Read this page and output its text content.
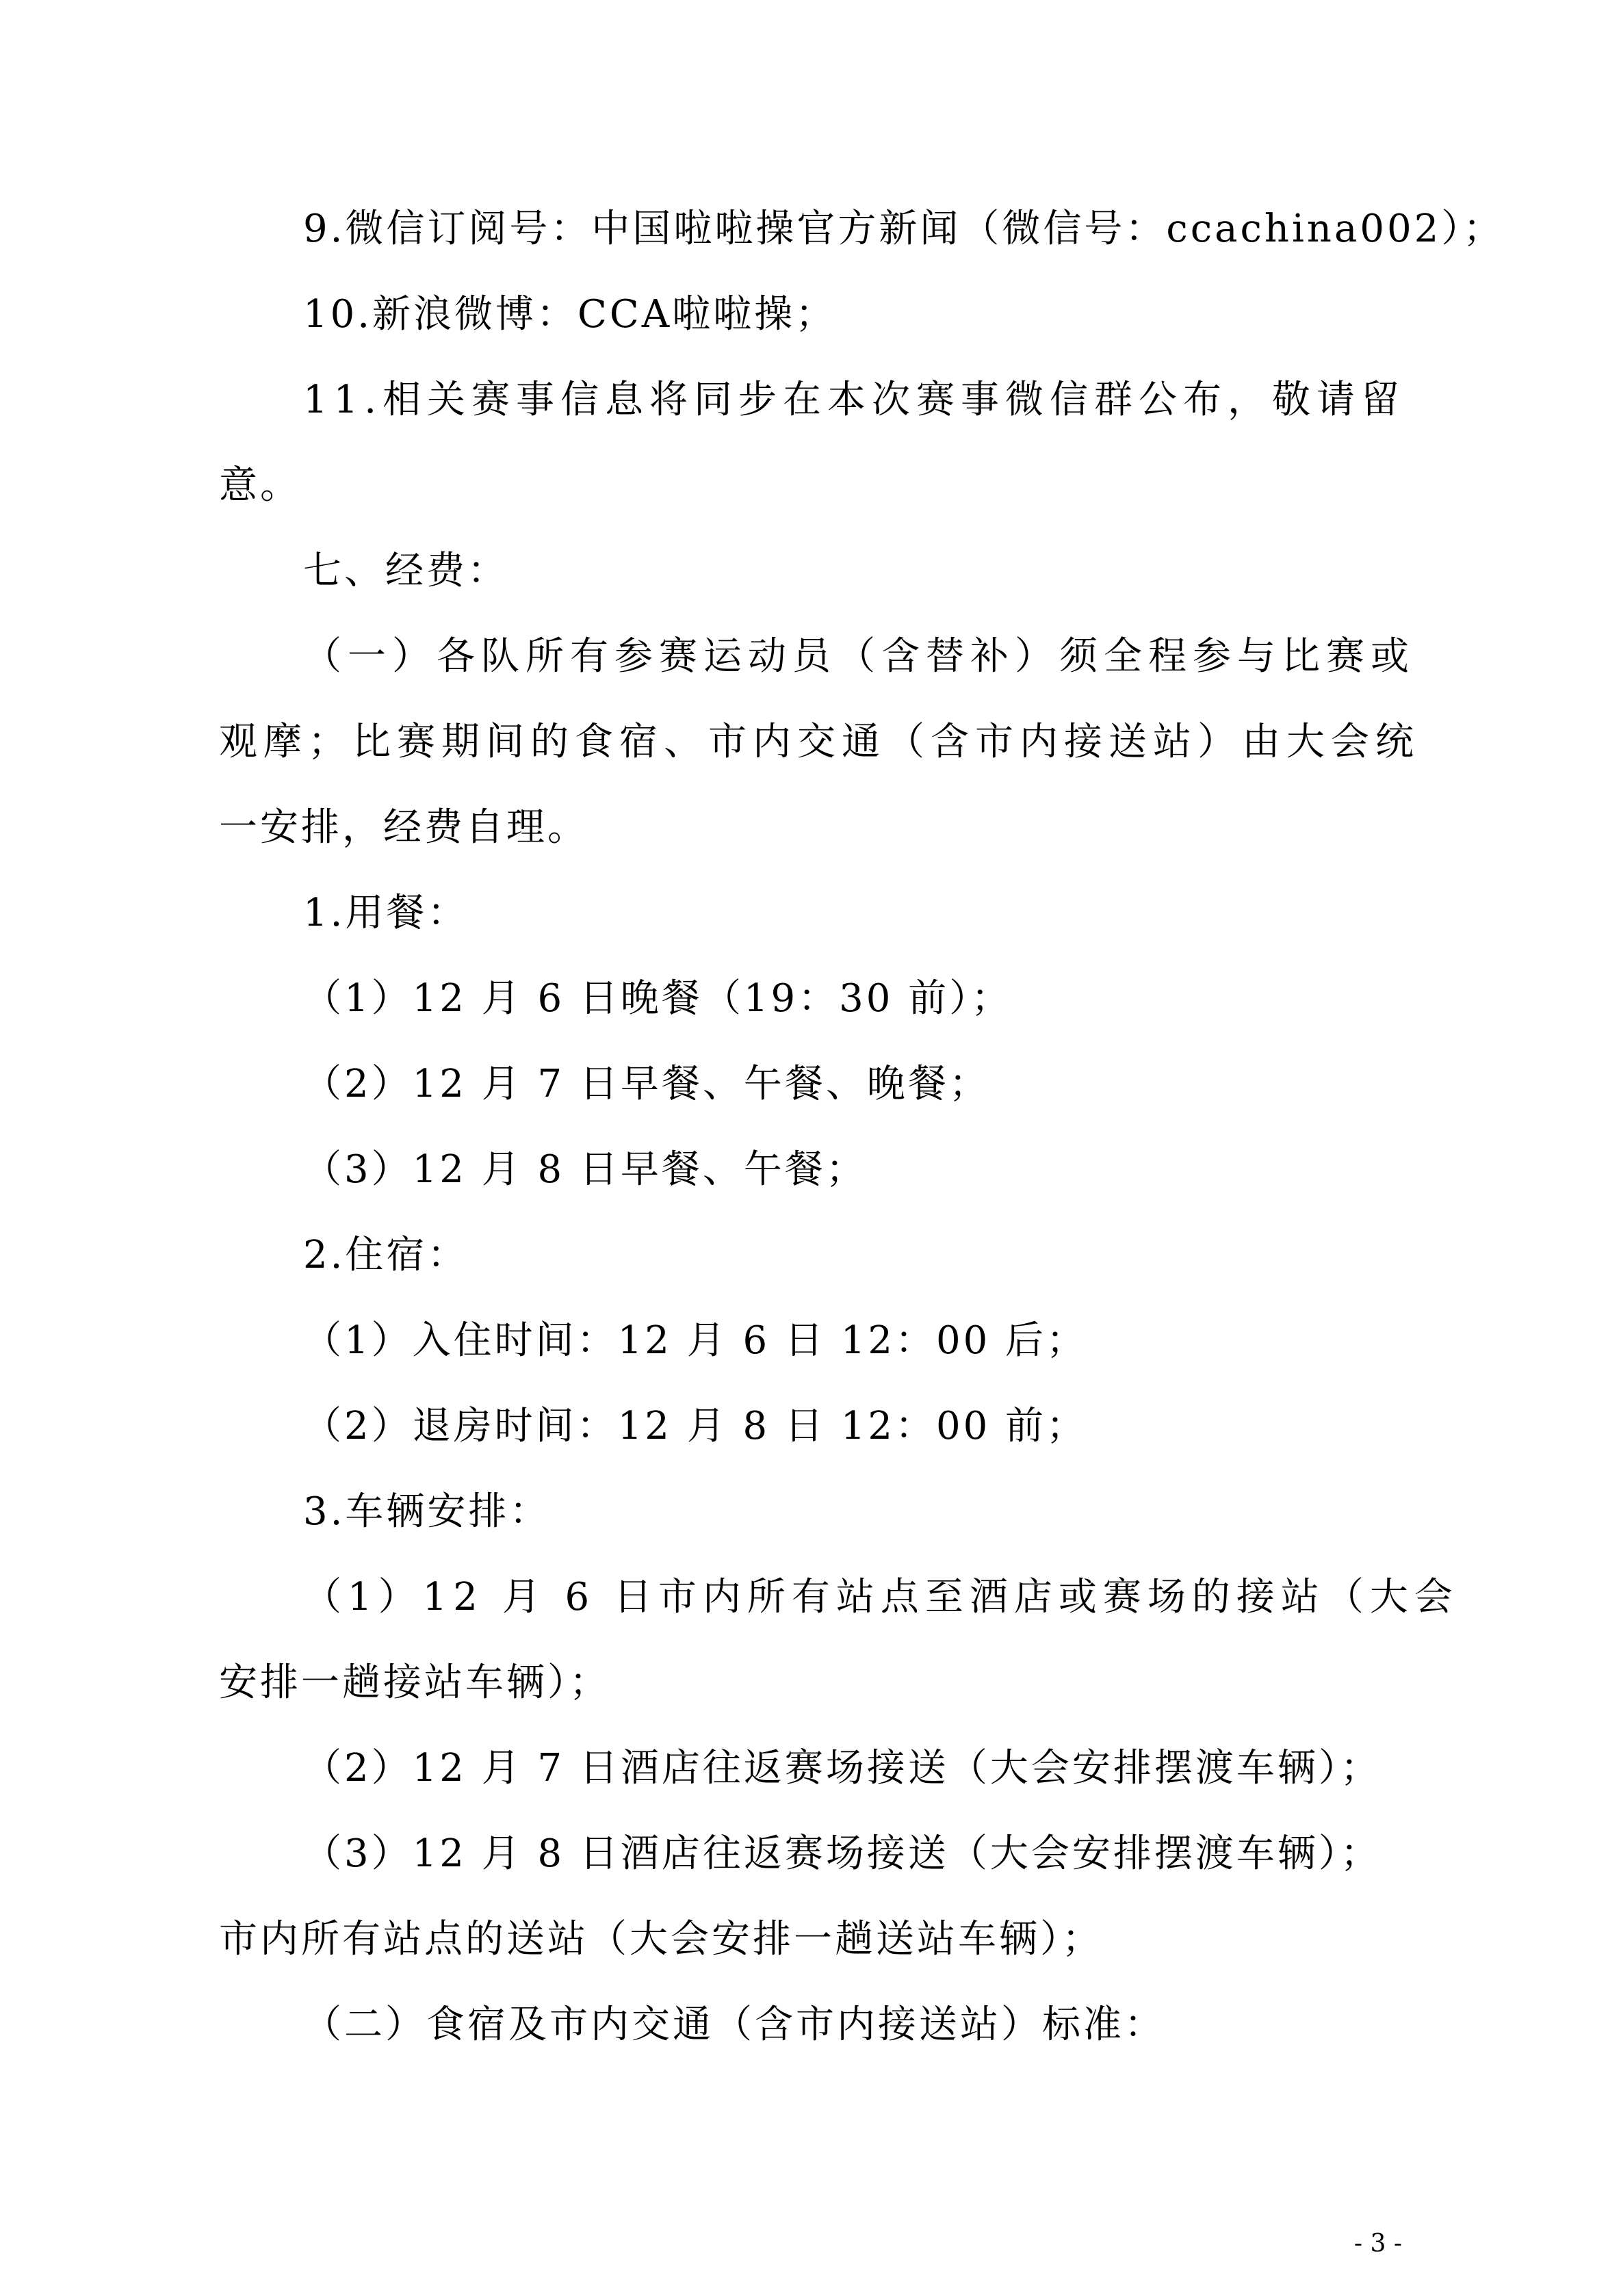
9.微信订阅号：中国啦啦操官方新闻（微信号：ccachina002）；
10.新浪微博：CCA啦啦操；
11.相关赛事信息将同步在本次赛事微信群公布，敬请留
意。
七、经费：
（一）各队所有参赛运动员（含替补）须全程参与比赛或
观摩；比赛期间的食宿、市内交通（含市内接送站）由大会统
一安排，经费自理。
1.用餐：
（1）12 月 6 日晚餐（19：30 前）；
（2）12 月 7 日早餐、午餐、晚餐；
（3）12 月 8 日早餐、午餐；
2.住宿：
（1）入住时间：12 月 6 日 12：00 后；
（2）退房时间：12 月 8 日 12：00 前；
3.车辆安排：
（1）12 月 6 日市内所有站点至酒店或赛场的接站（大会
安排一趟接站车辆）；
（2）12 月 7 日酒店往返赛场接送（大会安排摆渡车辆）；
（3）12 月 8 日酒店往返赛场接送（大会安排摆渡车辆）；
市内所有站点的送站（大会安排一趟送站车辆）；
（二）食宿及市内交通（含市内接送站）标准：
- 3 -
